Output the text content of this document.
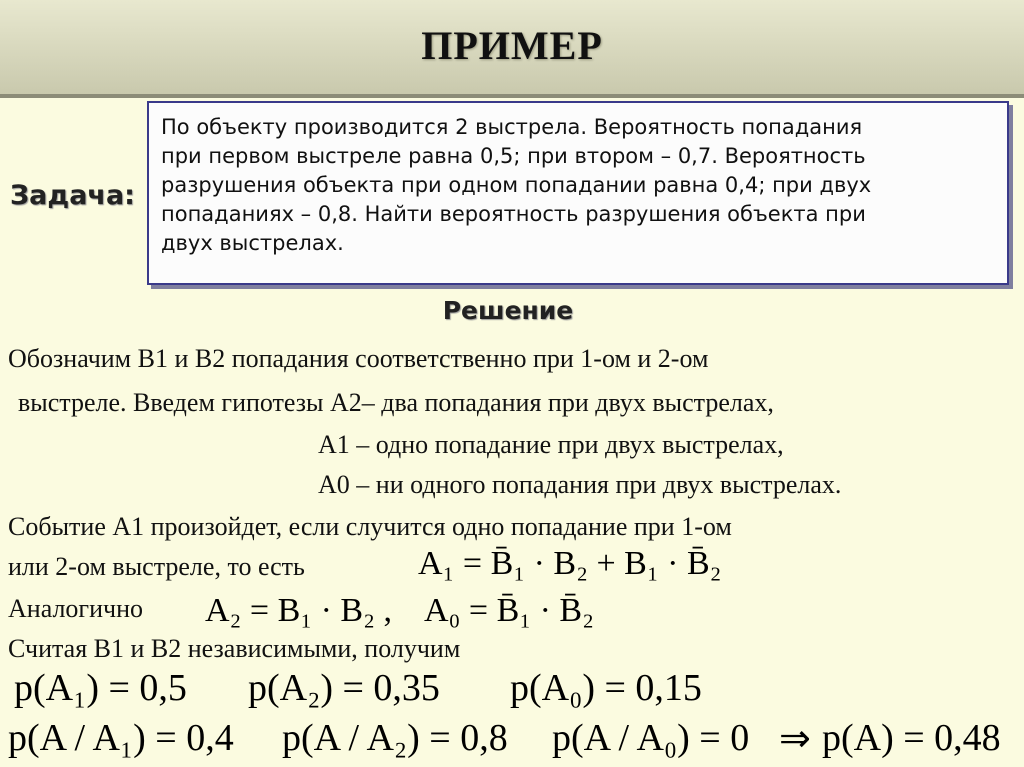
ПРИМЕР
Задача:
По объекту производится 2 выстрела. Вероятность попадания
при первом выстреле равна 0,5; при втором – 0,7. Вероятность
разрушения объекта при одном попадании равна 0,4; при двух
попаданиях – 0,8. Найти вероятность разрушения объекта при
двух выстрелах.
Решение
Обозначим В1 и В2 попадания соответственно при 1-ом и 2-ом
выстреле. Введем гипотезы А2– два попадания при двух выстрелах,
А1 – одно попадание при двух выстрелах,
А0 – ни одного попадания при двух выстрелах.
Событие А1 произойдет, если случится одно попадание при 1-ом
или 2-ом выстреле, то есть
Аналогично
Считая В1 и В2 независимыми, получим
A₁ = B̄₁ · B₂ + B₁ · B̄₂
A₂ = B₁ · B₂ , A₀ = B̄₁ · B̄₂
p(A₁) = 0,5 p(A₂) = 0,35 p(A₀) = 0,15
p(A / A₁) = 0,4 p(A / A₂) = 0,8 p(A / A₀) = 0 ⇒ p(A) = 0,48
